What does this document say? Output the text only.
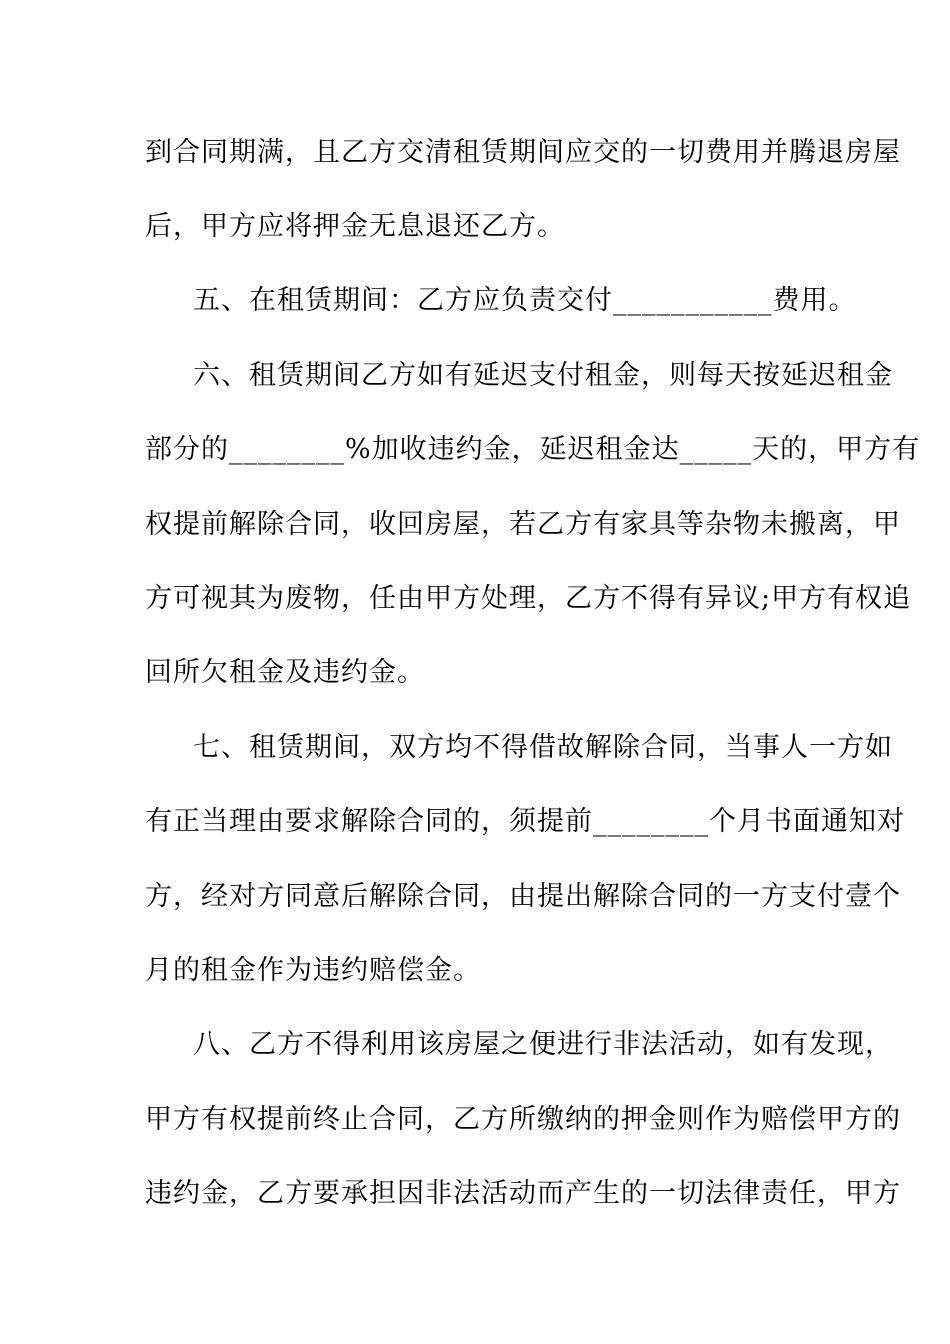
到合同期满，且乙方交清租赁期间应交的一切费用并腾退房屋
后，甲方应将押金无息退还乙方。
五、在租赁期间：乙方应负责交付___________费用。
六、租赁期间乙方如有延迟支付租金，则每天按延迟租金
部分的________%加收违约金，延迟租金达_____天的，甲方有
权提前解除合同，收回房屋，若乙方有家具等杂物未搬离，甲
方可视其为废物，任由甲方处理，乙方不得有异议;甲方有权追
回所欠租金及违约金。
七、租赁期间，双方均不得借故解除合同，当事人一方如
有正当理由要求解除合同的，须提前________个月书面通知对
方，经对方同意后解除合同，由提出解除合同的一方支付壹个
月的租金作为违约赔偿金。
八、乙方不得利用该房屋之便进行非法活动，如有发现，
甲方有权提前终止合同，乙方所缴纳的押金则作为赔偿甲方的
违约金，乙方要承担因非法活动而产生的一切法律责任，甲方
